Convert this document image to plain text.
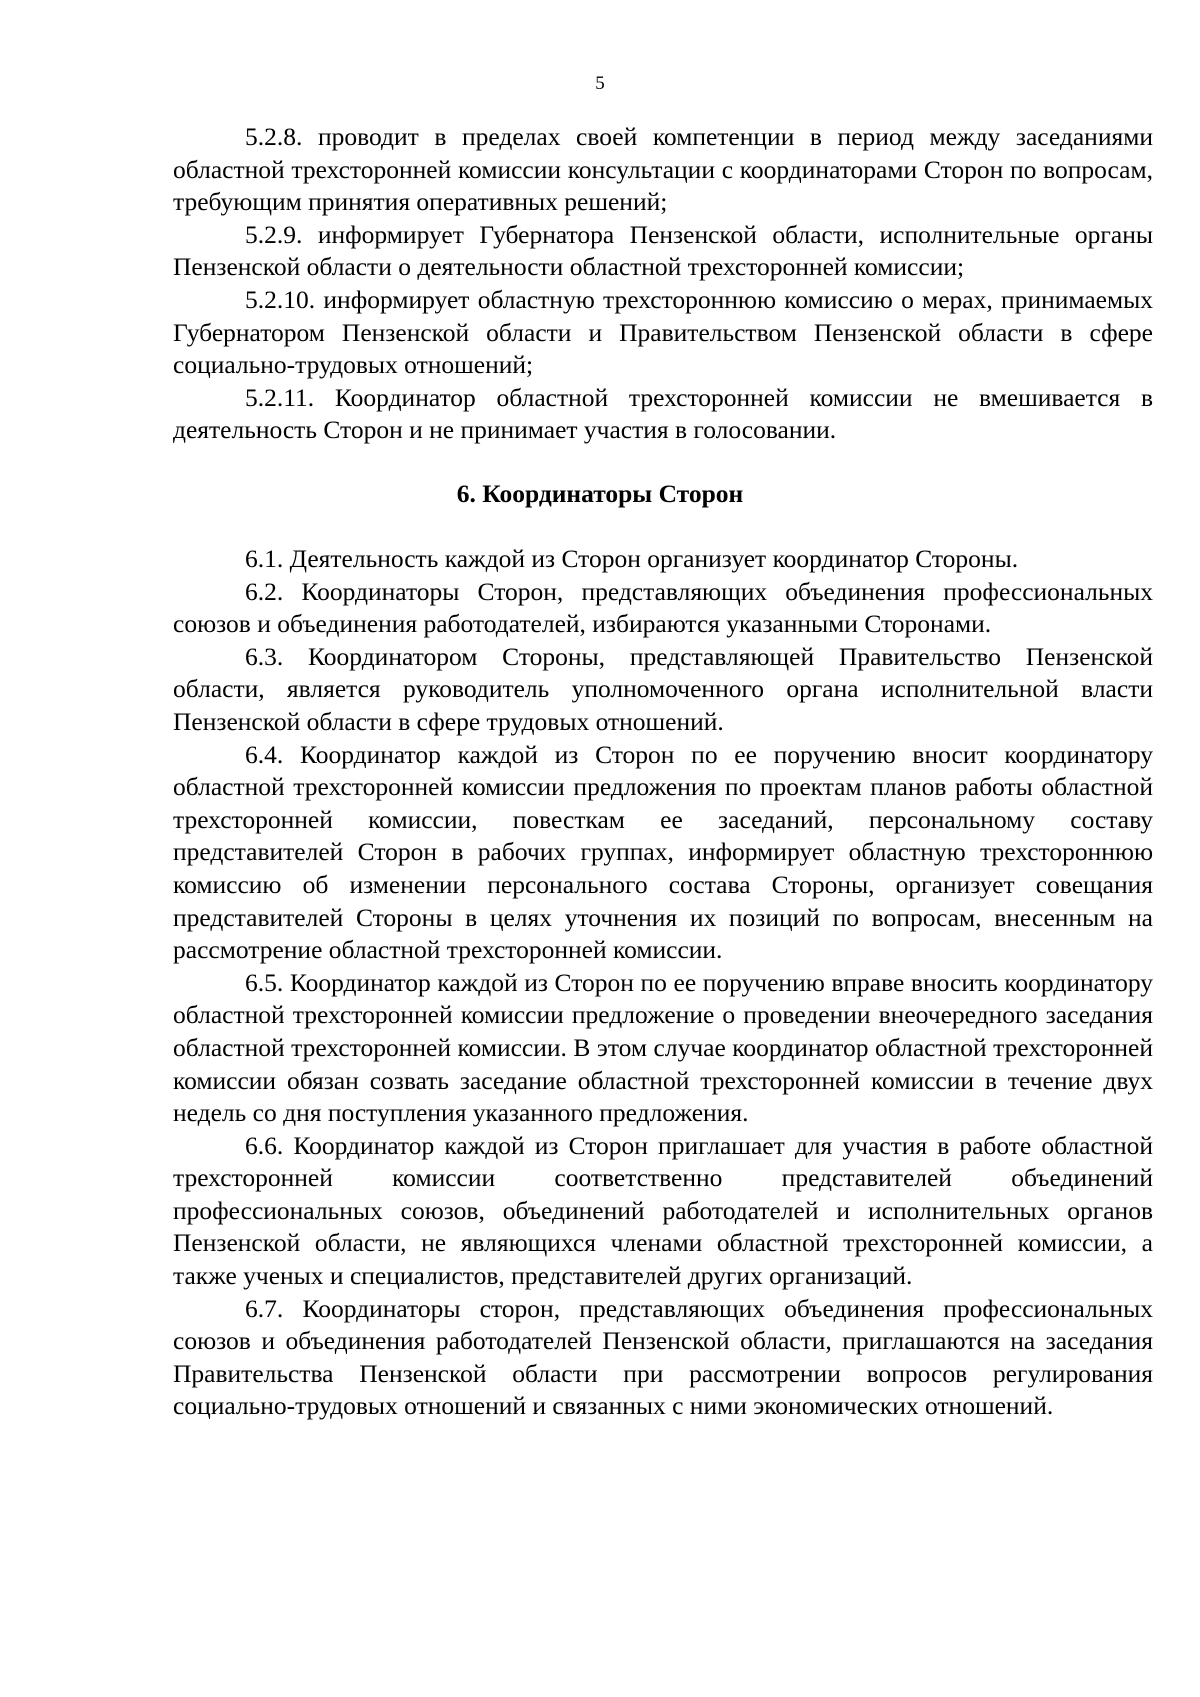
5

5.2.8. проводит в пределах своей компетенции в период между заседаниями областной трехсторонней комиссии консультации с координаторами Сторон по вопросам, требующим принятия оперативных решений;

5.2.9. информирует Губернатора Пензенской области, исполнительные органы Пензенской области о деятельности областной трехсторонней комиссии;

5.2.10. информирует областную трехстороннюю комиссию о мерах, принимаемых Губернатором Пензенской области и Правительством Пензенской области в сфере социально-трудовых отношений;

5.2.11. Координатор областной трехсторонней комиссии не вмешивается в деятельность Сторон и не принимает участия в голосовании.

6. Координаторы Сторон

6.1. Деятельность каждой из Сторон организует координатор Стороны.

6.2. Координаторы Сторон, представляющих объединения профессиональных союзов и объединения работодателей, избираются указанными Сторонами.

6.3. Координатором Стороны, представляющей Правительство Пензенской области, является руководитель уполномоченного органа исполнительной власти Пензенской области в сфере трудовых отношений.

6.4. Координатор каждой из Сторон по ее поручению вносит координатору областной трехсторонней комиссии предложения по проектам планов работы областной трехсторонней комиссии, повесткам ее заседаний, персональному составу представителей Сторон в рабочих группах, информирует областную трехстороннюю комиссию об изменении персонального состава Стороны, организует совещания представителей Стороны в целях уточнения их позиций по вопросам, внесенным на рассмотрение областной трехсторонней комиссии.

6.5. Координатор каждой из Сторон по ее поручению вправе вносить координатору областной трехсторонней комиссии предложение о проведении внеочередного заседания областной трехсторонней комиссии. В этом случае координатор областной трехсторонней комиссии обязан созвать заседание областной трехсторонней комиссии в течение двух недель со дня поступления указанного предложения.

6.6. Координатор каждой из Сторон приглашает для участия в работе областной трехсторонней комиссии соответственно представителей объединений профессиональных союзов, объединений работодателей и исполнительных органов Пензенской области, не являющихся членами областной трехсторонней комиссии, а также ученых и специалистов, представителей других организаций.

6.7. Координаторы сторон, представляющих объединения профессиональных союзов и объединения работодателей Пензенской области, приглашаются на заседания Правительства Пензенской области при рассмотрении вопросов регулирования социально-трудовых отношений и связанных с ними экономических отношений.
